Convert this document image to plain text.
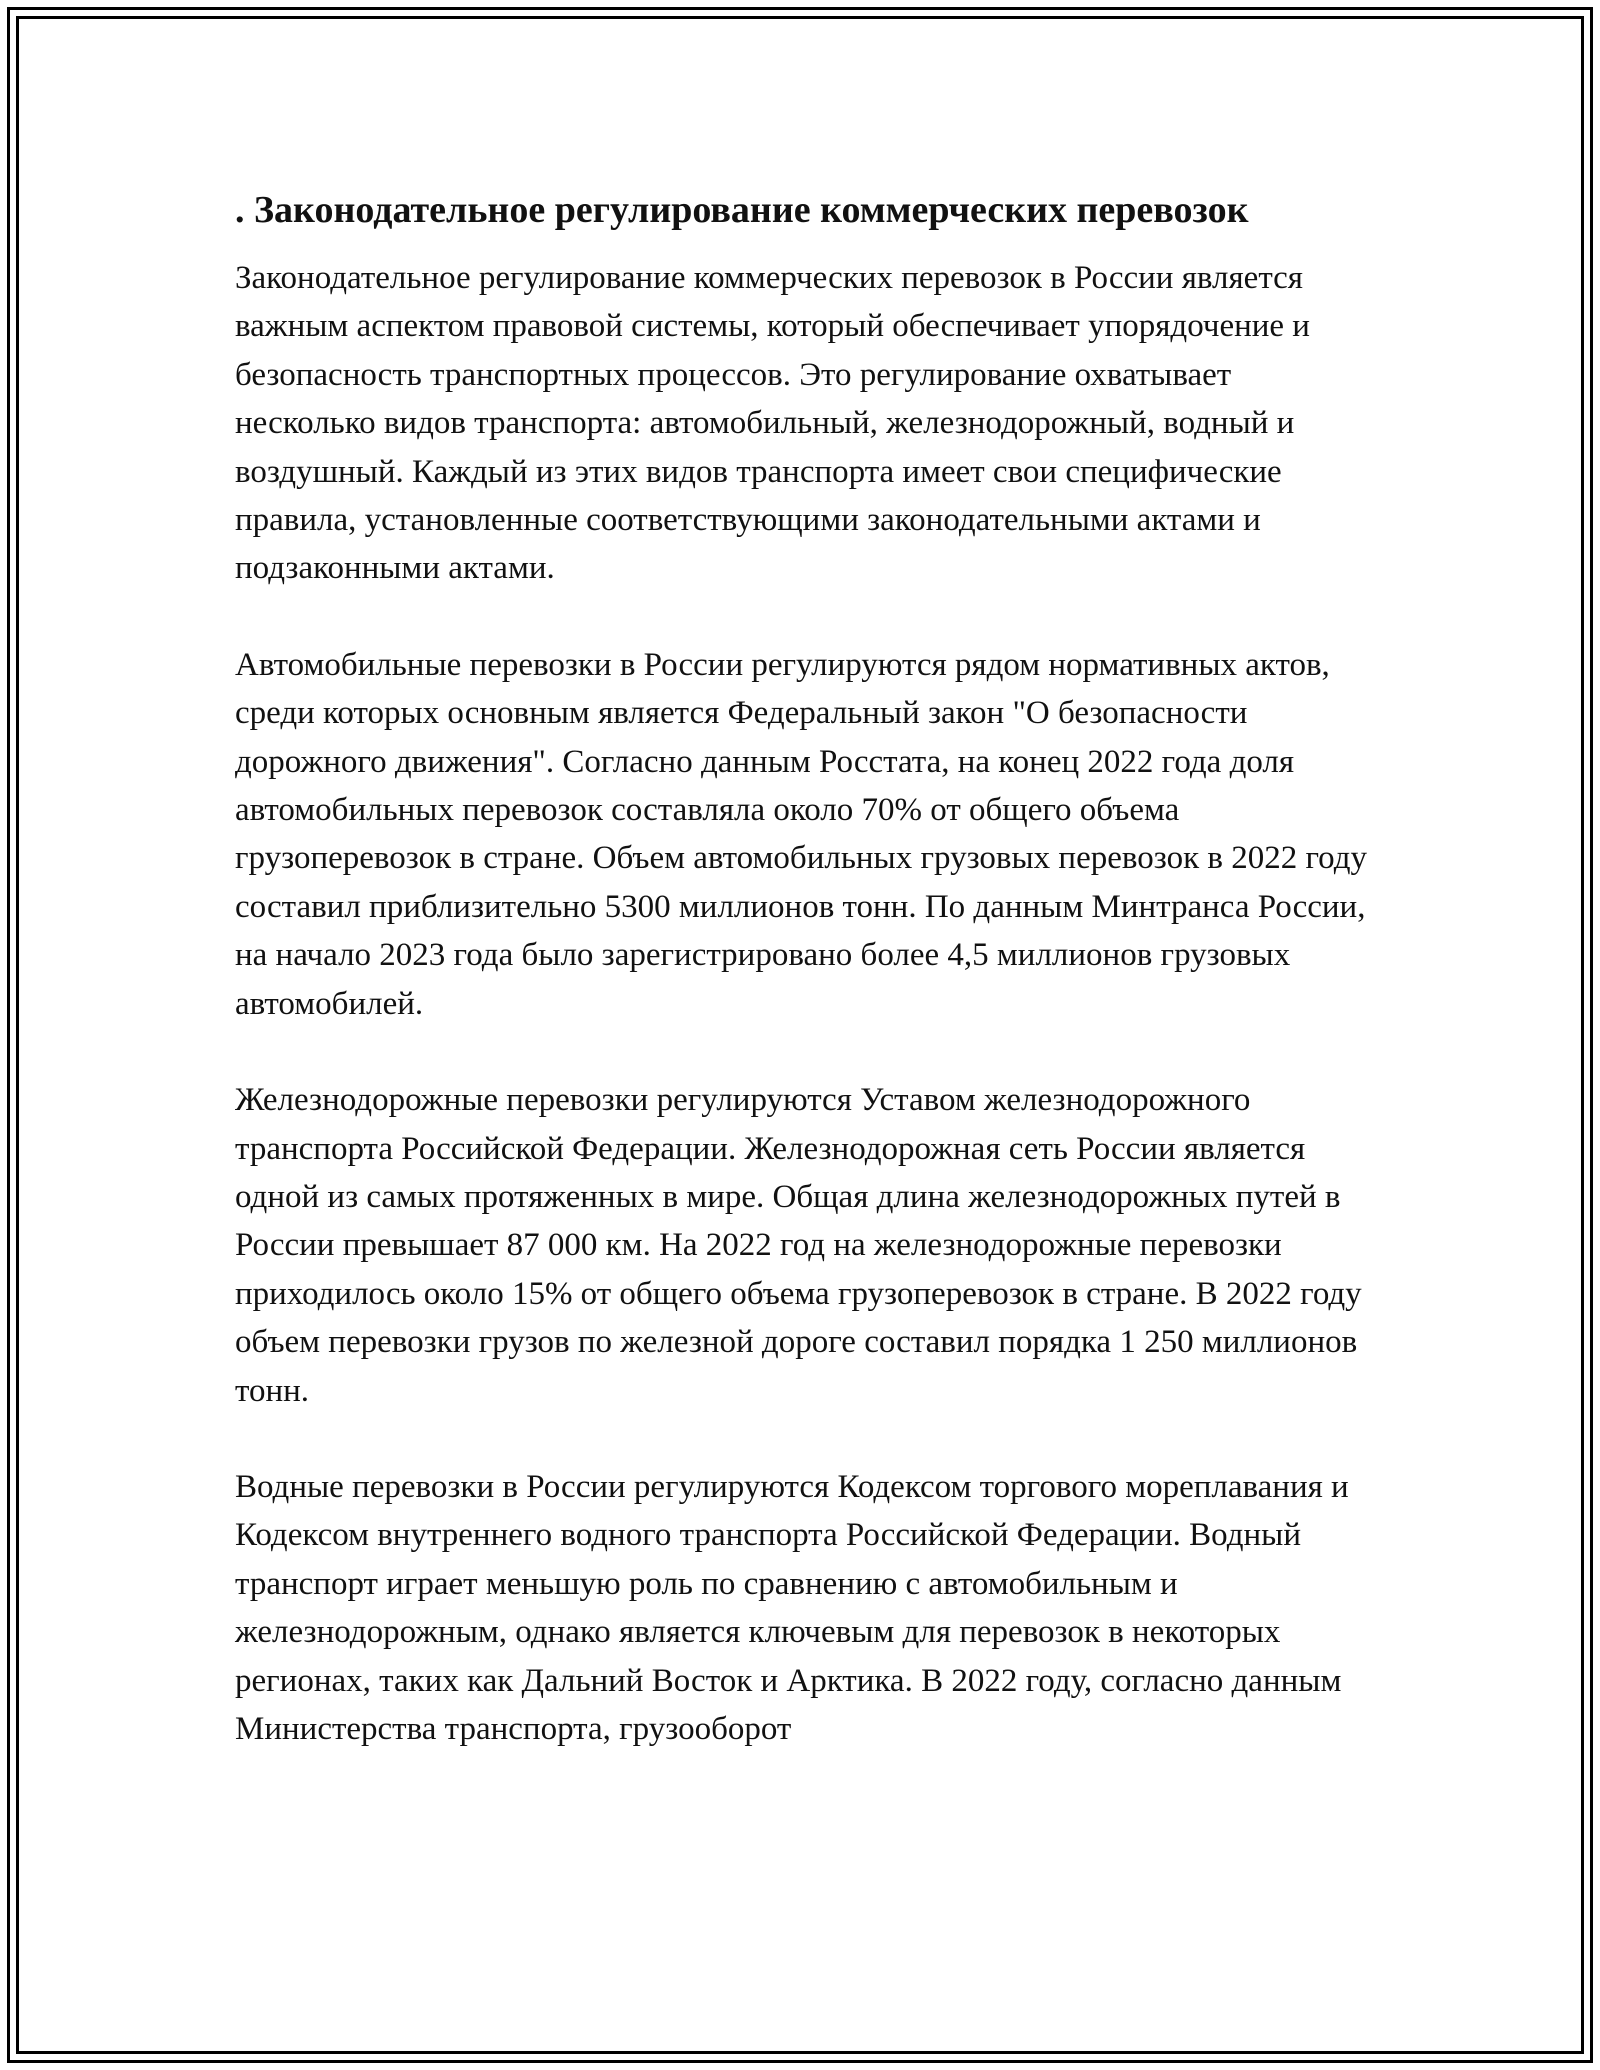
. Законодательное регулирование коммерческих перевозок

Законодательное регулирование коммерческих перевозок в России является важным аспектом правовой системы, который обеспечивает упорядочение и безопасность транспортных процессов. Это регулирование охватывает несколько видов транспорта: автомобильный, железнодорожный, водный и воздушный. Каждый из этих видов транспорта имеет свои специфические правила, установленные соответствующими законодательными актами и подзаконными актами.

Автомобильные перевозки в России регулируются рядом нормативных актов, среди которых основным является Федеральный закон "О безопасности дорожного движения". Согласно данным Росстата, на конец 2022 года доля автомобильных перевозок составляла около 70% от общего объема грузоперевозок в стране. Объем автомобильных грузовых перевозок в 2022 году составил приблизительно 5300 миллионов тонн. По данным Минтранса России, на начало 2023 года было зарегистрировано более 4,5 миллионов грузовых автомобилей.

Железнодорожные перевозки регулируются Уставом железнодорожного транспорта Российской Федерации. Железнодорожная сеть России является одной из самых протяженных в мире. Общая длина железнодорожных путей в России превышает 87 000 км. На 2022 год на железнодорожные перевозки приходилось около 15% от общего объема грузоперевозок в стране. В 2022 году объем перевозки грузов по железной дороге составил порядка 1 250 миллионов тонн.

Водные перевозки в России регулируются Кодексом торгового мореплавания и Кодексом внутреннего водного транспорта Российской Федерации. Водный транспорт играет меньшую роль по сравнению с автомобильным и железнодорожным, однако является ключевым для перевозок в некоторых регионах, таких как Дальний Восток и Арктика. В 2022 году, согласно данным Министерства транспорта, грузооборот
